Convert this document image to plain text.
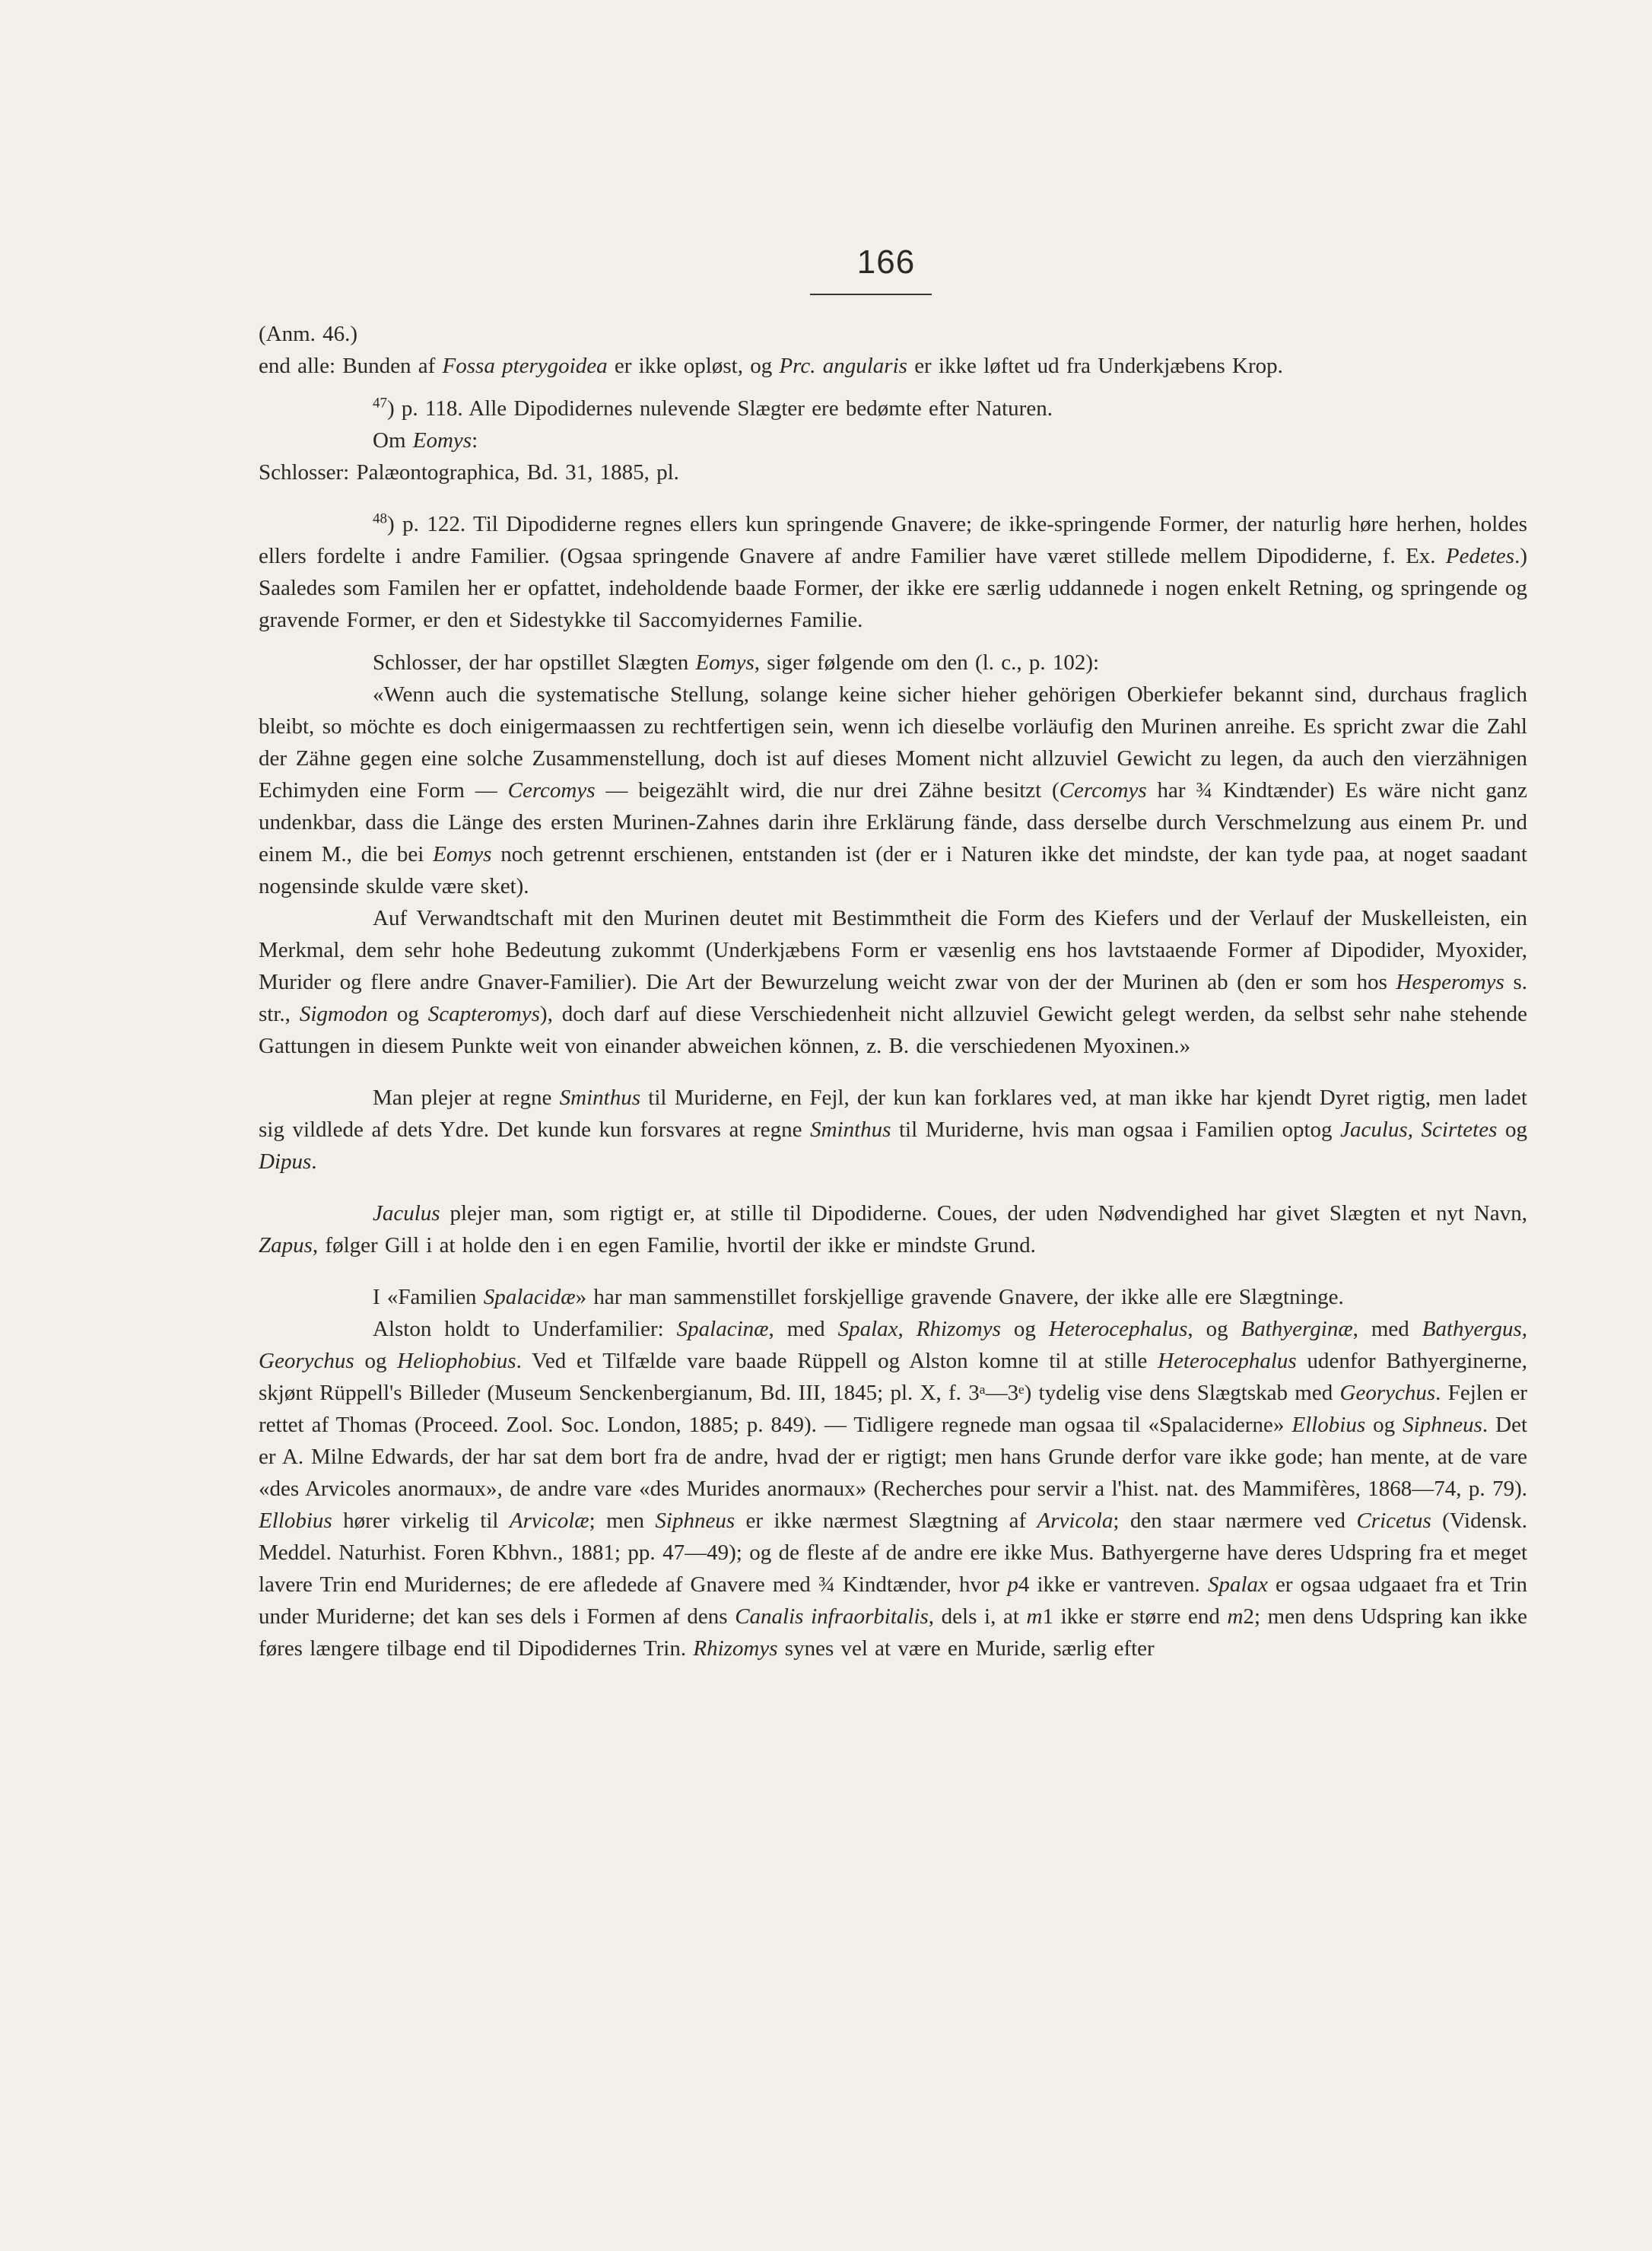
166

(Anm. 46.)

end alle: Bunden af Fossa pterygoidea er ikke opløst, og Prc. angularis er ikke løftet ud fra Underkjæbens Krop.

$^{47}$) p. 118. Alle Dipodidernes nulevende Slægter ere bedømte efter Naturen.

Om Eomys:

Schlosser: Palæontographica, Bd. 31, 1885, pl.

$^{48}$) p. 122. Til Dipodiderne regnes ellers kun springende Gnavere; de ikke-springende Former, der naturlig høre herhen, holdes ellers fordelte i andre Familier. (Ogsaa springende Gnavere af andre Familier have været stillede mellem Dipodiderne, f. Ex. Pedetes.) Saaledes som Familen her er opfattet, indeholdende baade Former, der ikke ere særlig uddannede i nogen enkelt Retning, og springende og gravende Former, er den et Sidestykke til Saccomyidernes Familie.

Schlosser, der har opstillet Slægten Eomys, siger følgende om den (l. c., p. 102):

«Wenn auch die systematische Stellung, solange keine sicher hieher gehörigen Oberkiefer bekannt sind, durchaus fraglich bleibt, so möchte es doch einigermaassen zu rechtfertigen sein, wenn ich dieselbe vorläufig den Murinen anreihe. Es spricht zwar die Zahl der Zähne gegen eine solche Zusammenstellung, doch ist auf dieses Moment nicht allzuviel Gewicht zu legen, da auch den vierzähnigen Echimyden eine Form — Cercomys — beigezählt wird, die nur drei Zähne besitzt (Cercomys har ¾ Kindtænder) Es wäre nicht ganz undenkbar, dass die Länge des ersten Murinen-Zahnes darin ihre Erklärung fände, dass derselbe durch Verschmelzung aus einem Pr. und einem M., die bei Eomys noch getrennt erschienen, entstanden ist (der er i Naturen ikke det mindste, der kan tyde paa, at noget saadant nogensinde skulde være sket).

Auf Verwandtschaft mit den Murinen deutet mit Bestimmtheit die Form des Kiefers und der Verlauf der Muskelleisten, ein Merkmal, dem sehr hohe Bedeutung zukommt (Underkjæbens Form er væsenlig ens hos lavtstaaende Former af Dipodider, Myoxider, Murider og flere andre Gnaver-Familier). Die Art der Bewurzelung weicht zwar von der der Murinen ab (den er som hos Hesperomys s. str., Sigmodon og Scapteromys), doch darf auf diese Verschiedenheit nicht allzuviel Gewicht gelegt werden, da selbst sehr nahe stehende Gattungen in diesem Punkte weit von einander abweichen können, z. B. die verschiedenen Myoxinen.»

Man plejer at regne Sminthus til Muriderne, en Fejl, der kun kan forklares ved, at man ikke har kjendt Dyret rigtig, men ladet sig vildlede af dets Ydre. Det kunde kun forsvares at regne Sminthus til Muriderne, hvis man ogsaa i Familien optog Jaculus, Scirtetes og Dipus.

Jaculus plejer man, som rigtigt er, at stille til Dipodiderne. Coues, der uden Nødvendighed har givet Slægten et nyt Navn, Zapus, følger Gill i at holde den i en egen Familie, hvortil der ikke er mindste Grund.

I «Familien Spalacidæ» har man sammenstillet forskjellige gravende Gnavere, der ikke alle ere Slægtninge.

Alston holdt to Underfamilier: Spalacinæ, med Spalax, Rhizomys og Heterocephalus, og Bathyerginæ, med Bathyergus, Georychus og Heliophobius. Ved et Tilfælde vare baade Rüppell og Alston komne til at stille Heterocephalus udenfor Bathyerginerne, skjønt Rüppell's Billeder (Museum Senckenbergianum, Bd. III, 1845; pl. X, f. 3ᵃ—3ᵉ) tydelig vise dens Slægtskab med Georychus. Fejlen er rettet af Thomas (Proceed. Zool. Soc. London, 1885; p. 849). — Tidligere regnede man ogsaa til «Spalaciderne» Ellobius og Siphneus. Det er A. Milne Edwards, der har sat dem bort fra de andre, hvad der er rigtigt; men hans Grunde derfor vare ikke gode; han mente, at de vare «des Arvicoles anormaux», de andre vare «des Murides anormaux» (Recherches pour servir a l'hist. nat. des Mammifères, 1868—74, p. 79). Ellobius hører virkelig til Arvicolæ; men Siphneus er ikke nærmest Slægtning af Arvicola; den staar nærmere ved Cricetus (Vidensk. Meddel. Naturhist. Foren Kbhvn., 1881; pp. 47—49); og de fleste af de andre ere ikke Mus. Bathyergerne have deres Udspring fra et meget lavere Trin end Muridernes; de ere afledede af Gnavere med ¾ Kindtænder, hvor p4 ikke er vantreven. Spalax er ogsaa udgaaet fra et Trin under Muriderne; det kan ses dels i Formen af dens Canalis infraorbitalis, dels i, at m1 ikke er større end m2; men dens Udspring kan ikke føres længere tilbage end til Dipodidernes Trin. Rhizomys synes vel at være en Muride, særlig efter
